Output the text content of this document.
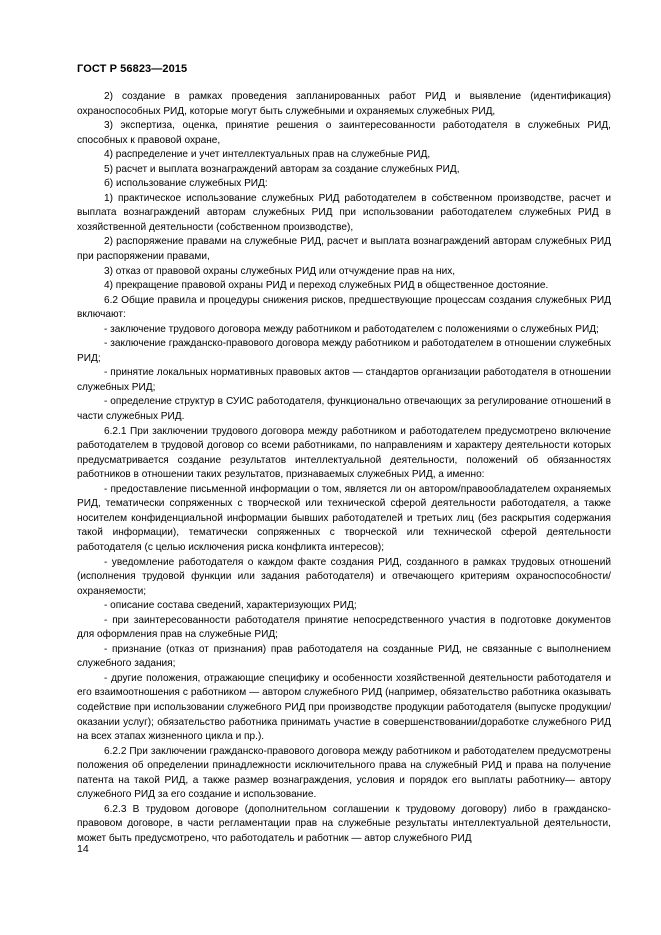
ГОСТ Р 56823—2015

2) создание в рамках проведения запланированных работ РИД и выявление (идентификация) охраноспособных РИД, которые могут быть служебными и охраняемых служебных РИД,

3) экспертиза, оценка, принятие решения о заинтересованности работодателя в служебных РИД, способных к правовой охране,

4) распределение и учет интеллектуальных прав на служебные РИД,

5) расчет и выплата вознаграждений авторам за создание служебных РИД,

б) использование служебных РИД:

1) практическое использование служебных РИД работодателем в собственном производстве, расчет и выплата вознаграждений авторам служебных РИД при использовании работодателем служебных РИД в хозяйственной деятельности (собственном производстве),

2) распоряжение правами на служебные РИД, расчет и выплата вознаграждений авторам служебных РИД при распоряжении правами,

3) отказ от правовой охраны служебных РИД или отчуждение прав на них,

4) прекращение правовой охраны РИД и переход служебных РИД в общественное достояние.

6.2 Общие правила и процедуры снижения рисков, предшествующие процессам создания служебных РИД включают:

- заключение трудового договора между работником и работодателем с положениями о служебных РИД;

- заключение гражданско-правового договора между работником и работодателем в отношении служебных РИД;

- принятие локальных нормативных правовых актов — стандартов организации работодателя в отношении служебных РИД;

- определение структур в СУИС работодателя, функционально отвечающих за регулирование отношений в части служебных РИД.

6.2.1 При заключении трудового договора между работником и работодателем предусмотрено включение работодателем в трудовой договор со всеми работниками, по направлениям и характеру деятельности которых предусматривается создание результатов интеллектуальной деятельности, положений об обязанностях работников в отношении таких результатов, признаваемых служебных РИД, а именно:

- предоставление письменной информации о том, является ли он автором/правообладателем охраняемых РИД, тематически сопряженных с творческой или технической сферой деятельности работодателя, а также носителем конфиденциальной информации бывших работодателей и третьих лиц (без раскрытия содержания такой информации), тематически сопряженных с творческой или технической сферой деятельности работодателя (с целью исключения риска конфликта интересов);

- уведомление работодателя о каждом факте создания РИД, созданного в рамках трудовых отношений (исполнения трудовой функции или задания работодателя) и отвечающего критериям охраноспособности/охраняемости;

- описание состава сведений, характеризующих РИД;

- при заинтересованности работодателя принятие непосредственного участия в подготовке документов для оформления прав на служебные РИД;

- признание (отказ от признания) прав работодателя на созданные РИД, не связанные с выполнением служебного задания;

- другие положения, отражающие специфику и особенности хозяйственной деятельности работодателя и его взаимоотношения с работником — автором служебного РИД (например, обязательство работника оказывать содействие при использовании служебного РИД при производстве продукции работодателя (выпуске продукции/оказании услуг); обязательство работника принимать участие в совершенствовании/доработке служебного РИД на всех этапах жизненного цикла и пр.).

6.2.2 При заключении гражданско-правового договора между работником и работодателем предусмотрены положения об определении принадлежности исключительного права на служебный РИД и права на получение патента на такой РИД, а также размер вознаграждения, условия и порядок его выплаты работнику— автору служебного РИД за его создание и использование.

6.2.3 В трудовом договоре (дополнительном соглашении к трудовому договору) либо в гражданско-правовом договоре, в части регламентации прав на служебные результаты интеллектуальной деятельности, может быть предусмотрено, что работодатель и работник — автор служебного РИД

14
